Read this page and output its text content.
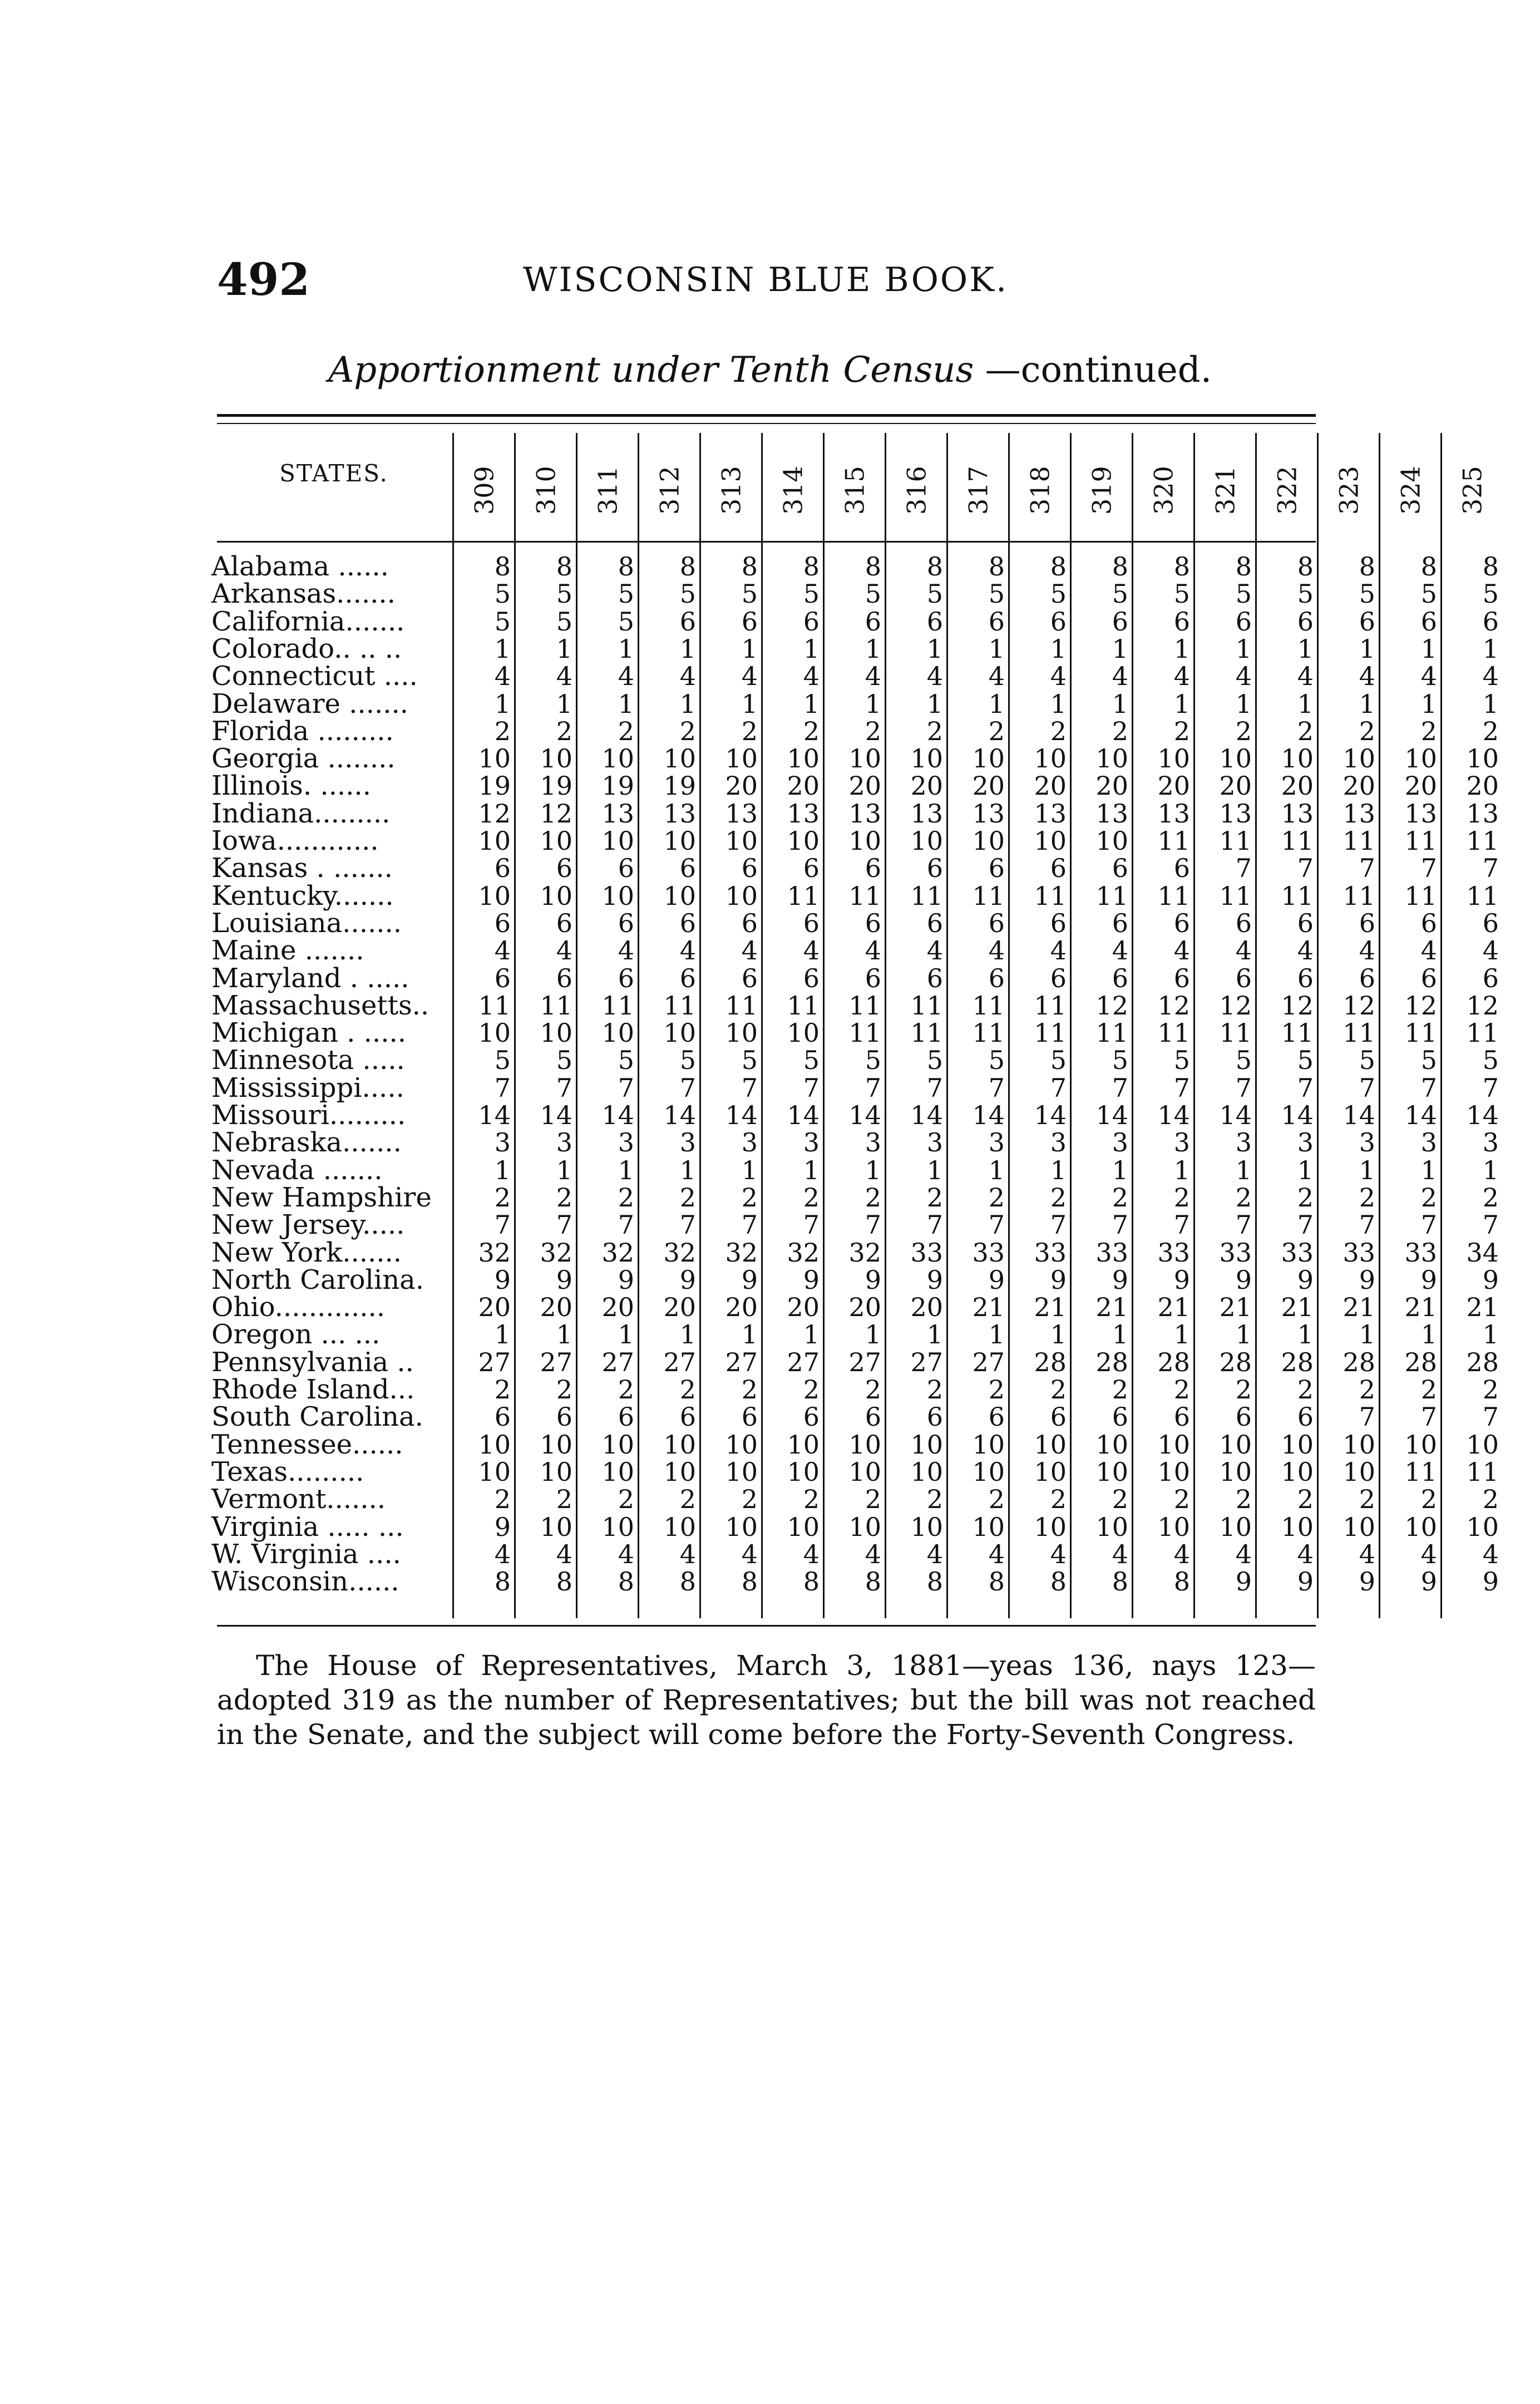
492	WISCONSIN BLUE BOOK.
Apportionment under Tenth Census —continued.
STATES.	309	310	311	312	313	314	315	316	317	318	319	320	321	322	323	324	325
Alabama ......	8	8	8	8	8	8	8	8	8	8	8	8	8	8	8	8	8
Arkansas.......	5	5	5	5	5	5	5	5	5	5	5	5	5	5	5	5	5
California.......	5	5	5	6	6	6	6	6	6	6	6	6	6	6	6	6	6
Colorado.. .. ..	1	1	1	1	1	1	1	1	1	1	1	1	1	1	1	1	1
Connecticut ....	4	4	4	4	4	4	4	4	4	4	4	4	4	4	4	4	4
Delaware .......	1	1	1	1	1	1	1	1	1	1	1	1	1	1	1	1	1
Florida .........	2	2	2	2	2	2	2	2	2	2	2	2	2	2	2	2	2
Georgia ........	10	10	10	10	10	10	10	10	10	10	10	10	10	10	10	10	10
Illinois. ......	19	19	19	19	20	20	20	20	20	20	20	20	20	20	20	20	20
Indiana.........	12	12	13	13	13	13	13	13	13	13	13	13	13	13	13	13	13
Iowa............	10	10	10	10	10	10	10	10	10	10	10	11	11	11	11	11	11
Kansas . .......	6	6	6	6	6	6	6	6	6	6	6	6	7	7	7	7	7
Kentucky.......	10	10	10	10	10	11	11	11	11	11	11	11	11	11	11	11	11
Louisiana.......	6	6	6	6	6	6	6	6	6	6	6	6	6	6	6	6	6
Maine .......	4	4	4	4	4	4	4	4	4	4	4	4	4	4	4	4	4
Maryland . .....	6	6	6	6	6	6	6	6	6	6	6	6	6	6	6	6	6
Massachusetts..	11	11	11	11	11	11	11	11	11	11	12	12	12	12	12	12	12
Michigan . .....	10	10	10	10	10	10	11	11	11	11	11	11	11	11	11	11	11
Minnesota .....	5	5	5	5	5	5	5	5	5	5	5	5	5	5	5	5	5
Mississippi.....	7	7	7	7	7	7	7	7	7	7	7	7	7	7	7	7	7
Missouri.........	14	14	14	14	14	14	14	14	14	14	14	14	14	14	14	14	14
Nebraska.......	3	3	3	3	3	3	3	3	3	3	3	3	3	3	3	3	3
Nevada .......	1	1	1	1	1	1	1	1	1	1	1	1	1	1	1	1	1
New Hampshire	2	2	2	2	2	2	2	2	2	2	2	2	2	2	2	2	2
New Jersey.....	7	7	7	7	7	7	7	7	7	7	7	7	7	7	7	7	7
New York.......	32	32	32	32	32	32	32	33	33	33	33	33	33	33	33	33	34
North Carolina.	9	9	9	9	9	9	9	9	9	9	9	9	9	9	9	9	9
Ohio.............	20	20	20	20	20	20	20	20	21	21	21	21	21	21	21	21	21
Oregon ... ...	1	1	1	1	1	1	1	1	1	1	1	1	1	1	1	1	1
Pennsylvania ..	27	27	27	27	27	27	27	27	27	28	28	28	28	28	28	28	28
Rhode Island...	2	2	2	2	2	2	2	2	2	2	2	2	2	2	2	2	2
South Carolina.	6	6	6	6	6	6	6	6	6	6	6	6	6	6	7	7	7
Tennessee......	10	10	10	10	10	10	10	10	10	10	10	10	10	10	10	10	10
Texas.........	10	10	10	10	10	10	10	10	10	10	10	10	10	10	10	11	11
Vermont.......	2	2	2	2	2	2	2	2	2	2	2	2	2	2	2	2	2
Virginia ..... ...	9	10	10	10	10	10	10	10	10	10	10	10	10	10	10	10	10
W. Virginia ....	4	4	4	4	4	4	4	4	4	4	4	4	4	4	4	4	4
Wisconsin......	8	8	8	8	8	8	8	8	8	8	8	8	9	9	9	9	9
The House of Representatives, March 3, 1881—yeas 136, nays 123—adopted 319 as the number of Representatives; but the bill was not reached in the Senate, and the subject will come before the Forty-Seventh Congress.
